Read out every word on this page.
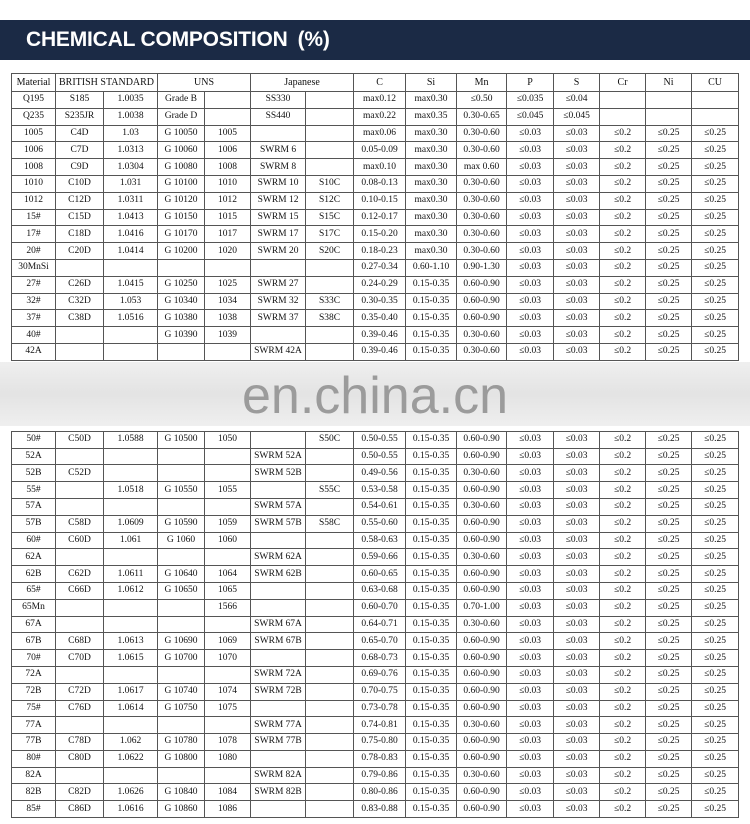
CHEMICAL COMPOSITION (%)
Material	BRITISH STANDARD		UNS		Japanese		C	Si	Mn	P	S	Cr	Ni	CU
Q195	S185	1.0035	Grade B		SS330		max0.12	max0.30	≤0.50	≤0.035	≤0.04			
Q235	S235JR	1.0038	Grade D		SS440		max0.22	max0.35	0.30-0.65	≤0.045	≤0.045			
1005	C4D	1.03	G 10050	1005			max0.06	max0.30	0.30-0.60	≤0.03	≤0.03	≤0.2	≤0.25	≤0.25
1006	C7D	1.0313	G 10060	1006	SWRM 6		0.05-0.09	max0.30	0.30-0.60	≤0.03	≤0.03	≤0.2	≤0.25	≤0.25
1008	C9D	1.0304	G 10080	1008	SWRM 8		max0.10	max0.30	max 0.60	≤0.03	≤0.03	≤0.2	≤0.25	≤0.25
1010	C10D	1.031	G 10100	1010	SWRM 10	S10C	0.08-0.13	max0.30	0.30-0.60	≤0.03	≤0.03	≤0.2	≤0.25	≤0.25
1012	C12D	1.0311	G 10120	1012	SWRM 12	S12C	0.10-0.15	max0.30	0.30-0.60	≤0.03	≤0.03	≤0.2	≤0.25	≤0.25
15#	C15D	1.0413	G 10150	1015	SWRM 15	S15C	0.12-0.17	max0.30	0.30-0.60	≤0.03	≤0.03	≤0.2	≤0.25	≤0.25
17#	C18D	1.0416	G 10170	1017	SWRM 17	S17C	0.15-0.20	max0.30	0.30-0.60	≤0.03	≤0.03	≤0.2	≤0.25	≤0.25
20#	C20D	1.0414	G 10200	1020	SWRM 20	S20C	0.18-0.23	max0.30	0.30-0.60	≤0.03	≤0.03	≤0.2	≤0.25	≤0.25
30MnSi							0.27-0.34	0.60-1.10	0.90-1.30	≤0.03	≤0.03	≤0.2	≤0.25	≤0.25
27#	C26D	1.0415	G 10250	1025	SWRM 27		0.24-0.29	0.15-0.35	0.60-0.90	≤0.03	≤0.03	≤0.2	≤0.25	≤0.25
32#	C32D	1.053	G 10340	1034	SWRM 32	S33C	0.30-0.35	0.15-0.35	0.60-0.90	≤0.03	≤0.03	≤0.2	≤0.25	≤0.25
37#	C38D	1.0516	G 10380	1038	SWRM 37	S38C	0.35-0.40	0.15-0.35	0.60-0.90	≤0.03	≤0.03	≤0.2	≤0.25	≤0.25
40#			G 10390	1039			0.39-0.46	0.15-0.35	0.30-0.60	≤0.03	≤0.03	≤0.2	≤0.25	≤0.25
42A					SWRM 42A		0.39-0.46	0.15-0.35	0.30-0.60	≤0.03	≤0.03	≤0.2	≤0.25	≤0.25

50#	C50D	1.0588	G 10500	1050		S50C	0.50-0.55	0.15-0.35	0.60-0.90	≤0.03	≤0.03	≤0.2	≤0.25	≤0.25
52A					SWRM 52A		0.50-0.55	0.15-0.35	0.60-0.90	≤0.03	≤0.03	≤0.2	≤0.25	≤0.25
52B	C52D				SWRM 52B		0.49-0.56	0.15-0.35	0.30-0.60	≤0.03	≤0.03	≤0.2	≤0.25	≤0.25
55#		1.0518	G 10550	1055		S55C	0.53-0.58	0.15-0.35	0.60-0.90	≤0.03	≤0.03	≤0.2	≤0.25	≤0.25
57A					SWRM 57A		0.54-0.61	0.15-0.35	0.30-0.60	≤0.03	≤0.03	≤0.2	≤0.25	≤0.25
57B	C58D	1.0609	G 10590	1059	SWRM 57B	S58C	0.55-0.60	0.15-0.35	0.60-0.90	≤0.03	≤0.03	≤0.2	≤0.25	≤0.25
60#	C60D	1.061	G 1060	1060			0.58-0.63	0.15-0.35	0.60-0.90	≤0.03	≤0.03	≤0.2	≤0.25	≤0.25
62A					SWRM 62A		0.59-0.66	0.15-0.35	0.30-0.60	≤0.03	≤0.03	≤0.2	≤0.25	≤0.25
62B	C62D	1.0611	G 10640	1064	SWRM 62B		0.60-0.65	0.15-0.35	0.60-0.90	≤0.03	≤0.03	≤0.2	≤0.25	≤0.25
65#	C66D	1.0612	G 10650	1065			0.63-0.68	0.15-0.35	0.60-0.90	≤0.03	≤0.03	≤0.2	≤0.25	≤0.25
65Mn				1566			0.60-0.70	0.15-0.35	0.70-1.00	≤0.03	≤0.03	≤0.2	≤0.25	≤0.25
67A					SWRM 67A		0.64-0.71	0.15-0.35	0.30-0.60	≤0.03	≤0.03	≤0.2	≤0.25	≤0.25
67B	C68D	1.0613	G 10690	1069	SWRM 67B		0.65-0.70	0.15-0.35	0.60-0.90	≤0.03	≤0.03	≤0.2	≤0.25	≤0.25
70#	C70D	1.0615	G 10700	1070			0.68-0.73	0.15-0.35	0.60-0.90	≤0.03	≤0.03	≤0.2	≤0.25	≤0.25
72A					SWRM 72A		0.69-0.76	0.15-0.35	0.60-0.90	≤0.03	≤0.03	≤0.2	≤0.25	≤0.25
72B	C72D	1.0617	G 10740	1074	SWRM 72B		0.70-0.75	0.15-0.35	0.60-0.90	≤0.03	≤0.03	≤0.2	≤0.25	≤0.25
75#	C76D	1.0614	G 10750	1075			0.73-0.78	0.15-0.35	0.60-0.90	≤0.03	≤0.03	≤0.2	≤0.25	≤0.25
77A					SWRM 77A		0.74-0.81	0.15-0.35	0.30-0.60	≤0.03	≤0.03	≤0.2	≤0.25	≤0.25
77B	C78D	1.062	G 10780	1078	SWRM 77B		0.75-0.80	0.15-0.35	0.60-0.90	≤0.03	≤0.03	≤0.2	≤0.25	≤0.25
80#	C80D	1.0622	G 10800	1080			0.78-0.83	0.15-0.35	0.60-0.90	≤0.03	≤0.03	≤0.2	≤0.25	≤0.25
82A					SWRM 82A		0.79-0.86	0.15-0.35	0.30-0.60	≤0.03	≤0.03	≤0.2	≤0.25	≤0.25
82B	C82D	1.0626	G 10840	1084	SWRM 82B		0.80-0.86	0.15-0.35	0.60-0.90	≤0.03	≤0.03	≤0.2	≤0.25	≤0.25
85#	C86D	1.0616	G 10860	1086			0.83-0.88	0.15-0.35	0.60-0.90	≤0.03	≤0.03	≤0.2	≤0.25	≤0.25
en.china.cn
